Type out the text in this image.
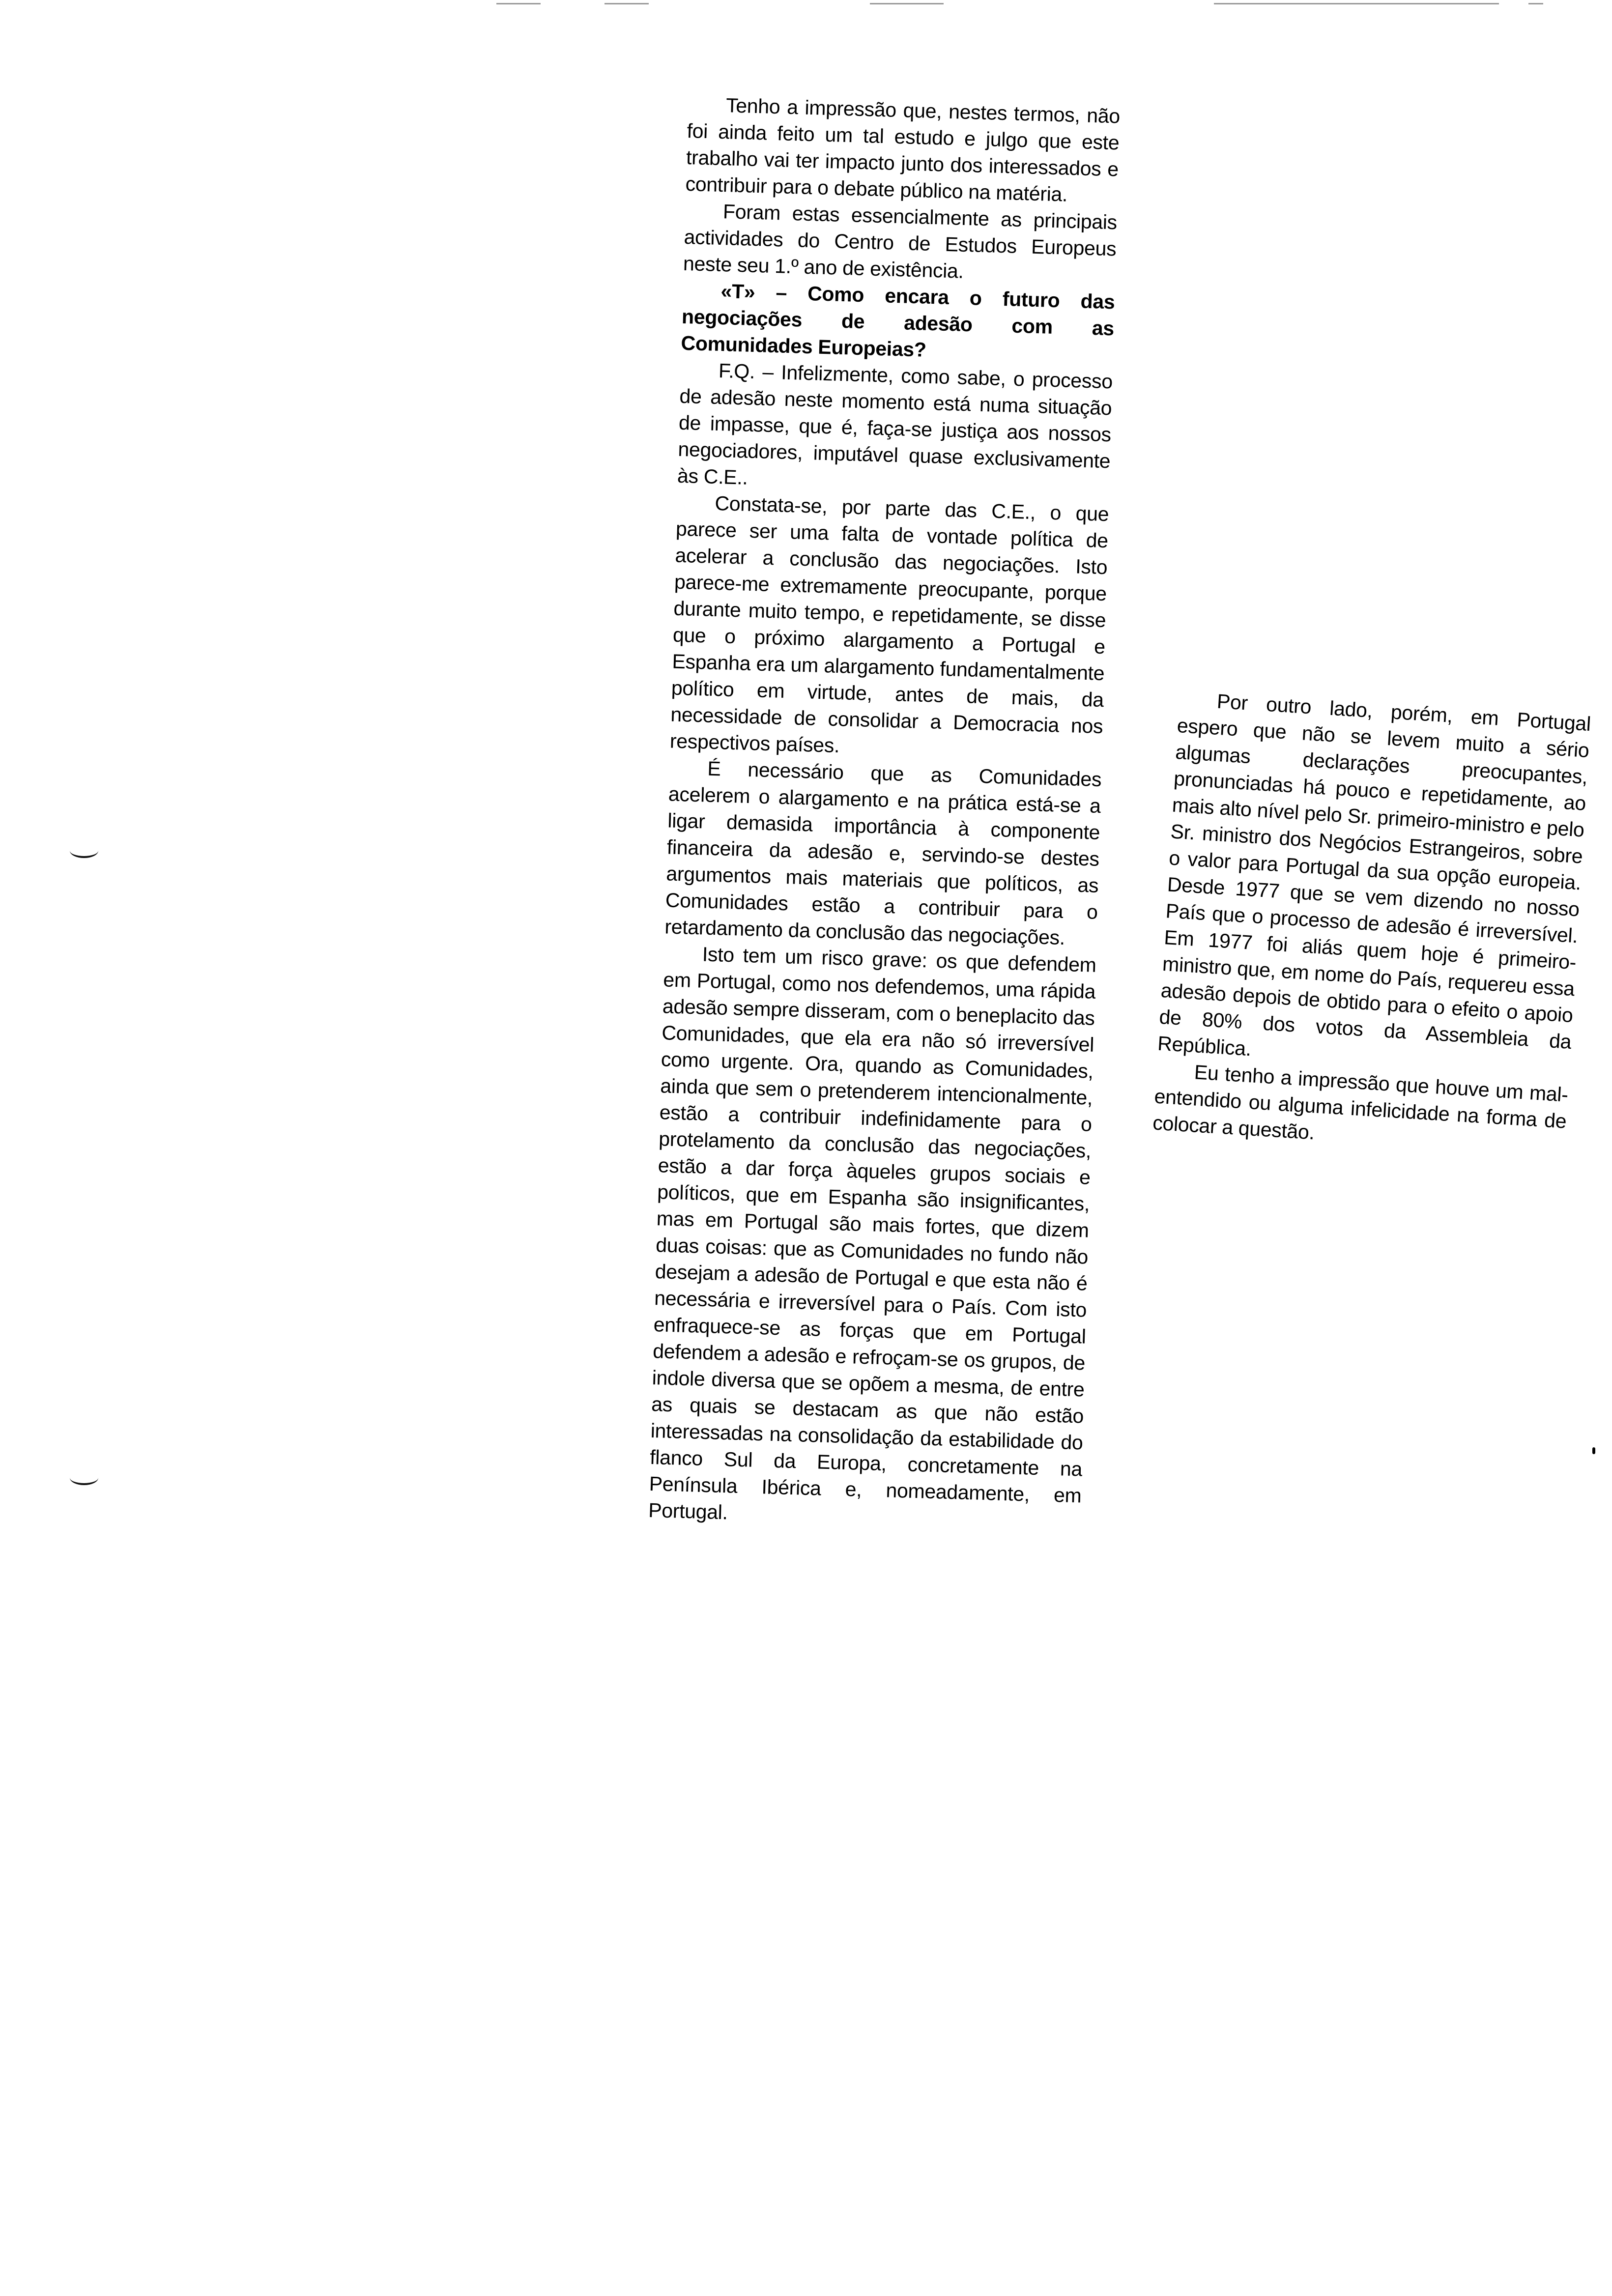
Tenho a impressão que, nestes termos, não foi ainda feito um tal estudo e julgo que este trabalho vai ter impacto junto dos interessados e contribuir para o debate público na matéria.

Foram estas essencialmente as principais actividades do Centro de Estudos Europeus neste seu 1.º ano de existência.

«T» – Como encara o futuro das negociações de adesão com as Comunidades Europeias?

F.Q. – Infelizmente, como sabe, o processo de adesão neste momento está numa situação de impasse, que é, faça-se justiça aos nossos negociadores, imputável quase exclusivamente às C.E..

Constata-se, por parte das C.E., o que parece ser uma falta de vontade política de acelerar a conclusão das negociações. Isto parece-me extremamente preocupante, porque durante muito tempo, e repetidamente, se disse que o próximo alargamento a Portugal e Espanha era um alargamento fundamentalmente político em virtude, antes de mais, da necessidade de consolidar a Democracia nos respectivos países.

É necessário que as Comunidades acelerem o alargamento e na prática está-se a ligar demasida importância à componente financeira da adesão e, servindo-se destes argumentos mais materiais que políticos, as Comunidades estão a contribuir para o retardamento da conclusão das negociações.

Isto tem um risco grave: os que defendem em Portugal, como nos defendemos, uma rápida adesão sempre disseram, com o beneplacito das Comunidades, que ela era não só irreversível como urgente. Ora, quando as Comunidades, ainda que sem o pretenderem intencionalmente, estão a contribuir indefinidamente para o protelamento da conclusão das negociações, estão a dar força àqueles grupos sociais e políticos, que em Espanha são insignificantes, mas em Portugal são mais fortes, que dizem duas coisas: que as Comunidades no fundo não desejam a adesão de Portugal e que esta não é necessária e irreversível para o País. Com isto enfraquece-se as forças que em Portugal defendem a adesão e refroçam-se os grupos, de indole diversa que se opõem a mesma, de entre as quais se destacam as que não estão interessadas na consolidação da estabilidade do flanco Sul da Europa, concretamente na Península Ibérica e, nomeadamente, em Portugal.

Por outro lado, porém, em Portugal espero que não se levem muito a sério algumas declarações preocupantes, pronunciadas há pouco e repetidamente, ao mais alto nível pelo Sr. primeiro-ministro e pelo Sr. ministro dos Negócios Estrangeiros, sobre o valor para Portugal da sua opção europeia. Desde 1977 que se vem dizendo no nosso País que o processo de adesão é irreversível. Em 1977 foi aliás quem hoje é primeiro-ministro que, em nome do País, requereu essa adesão depois de obtido para o efeito o apoio de 80% dos votos da Assembleia da República.

Eu tenho a impressão que houve um mal-entendido ou alguma infelicidade na forma de colocar a questão.
